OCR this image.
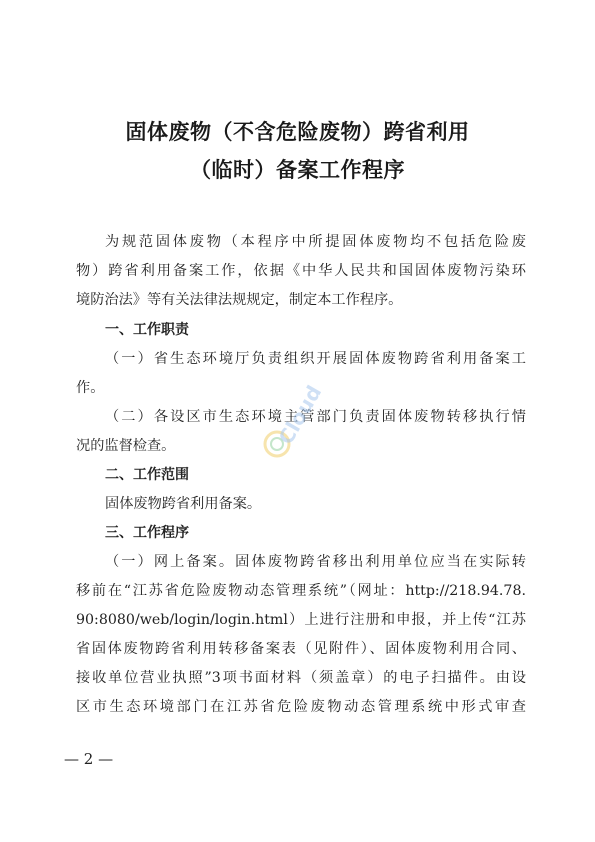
固体废物（不含危险废物）跨省利用
（临时）备案工作程序
为规范固体废物（本程序中所提固体废物均不包括危险废
物）跨省利用备案工作，依据《中华人民共和国固体废物污染环
境防治法》等有关法律法规规定，制定本工作程序。
一、工作职责
（一）省生态环境厅负责组织开展固体废物跨省利用备案工
作。
（二）各设区市生态环境主管部门负责固体废物转移执行情
况的监督检查。
二、工作范围
固体废物跨省利用备案。
三、工作程序
（一）网上备案。固体废物跨省移出利用单位应当在实际转
移前在“江苏省危险废物动态管理系统”（网址：http://218.94.78.
90:8080/web/login/login.html）上进行注册和申报，并上传“江苏
省固体废物跨省利用转移备案表（见附件）、固体废物利用合同、
接收单位营业执照”3项书面材料（须盖章）的电子扫描件。由设
区市生态环境部门在江苏省危险废物动态管理系统中形式审查
Cloud
— 2 —
